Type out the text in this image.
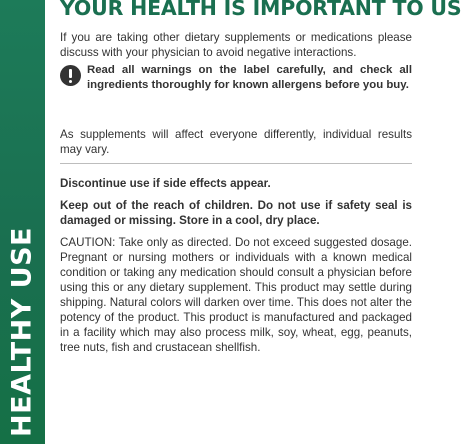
HEALTHY USE
YOUR HEALTH IS IMPORTANT TO US

If you are taking other dietary supplements or medications please discuss with your physician to avoid negative interactions.

Read all warnings on the label carefully, and check all ingredients thoroughly for known allergens before you buy.

As supplements will affect everyone differently, individual results may vary.

Discontinue use if side effects appear.

Keep out of the reach of children. Do not use if safety seal is damaged or missing. Store in a cool, dry place.

CAUTION: Take only as directed. Do not exceed suggested dosage. Pregnant or nursing mothers or individuals with a known medical condition or taking any medication should consult a physician before using this or any dietary supplement. This product may settle during shipping. Natural colors will darken over time. This does not alter the potency of the product. This product is manufactured and packaged in a facility which may also process milk, soy, wheat, egg, peanuts, tree nuts, fish and crustacean shellfish.
